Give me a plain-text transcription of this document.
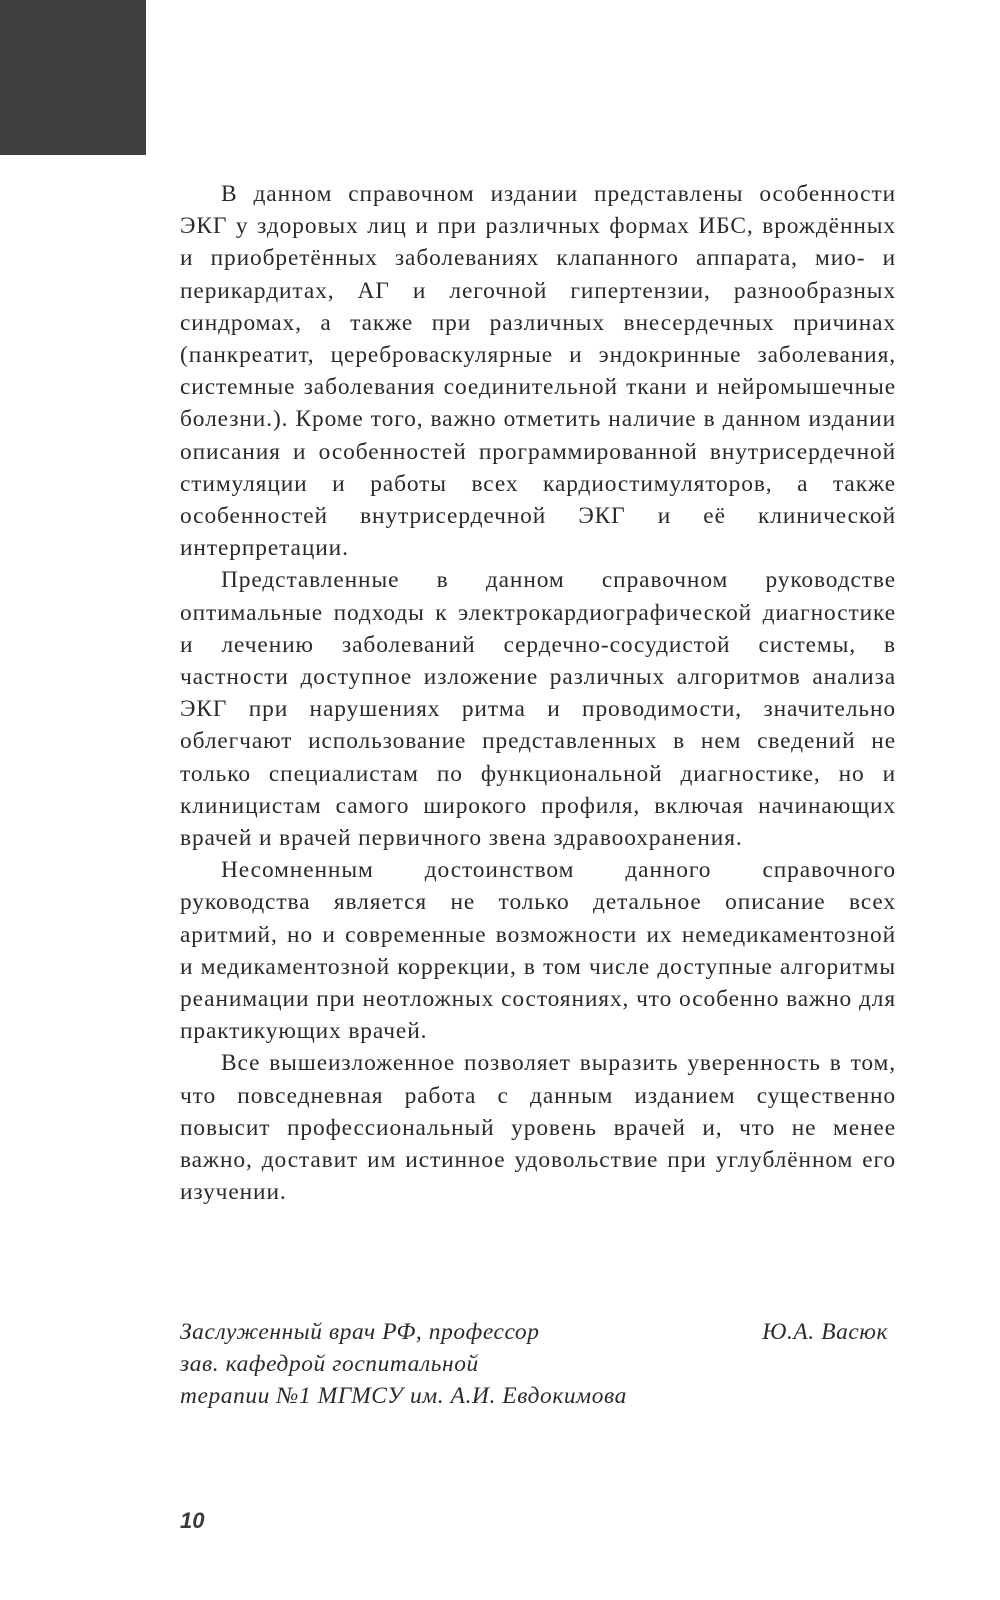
В данном справочном издании представлены особенности ЭКГ у здоровых лиц и при различных формах ИБС, врождённых и приобретённых заболеваниях клапанного аппарата, мио- и перикардитах, АГ и легочной гипертензии, разнообразных синдромах, а также при различных внесердечных причинах (панкреатит, цереброваскулярные и эндокринные заболевания, системные заболевания соединительной ткани и нейромышечные болезни.). Кроме того, важно отметить наличие в данном издании описания и особенностей программированной внутрисердечной стимуляции и работы всех кардиостимуляторов, а также особенностей внутрисердечной ЭКГ и её клинической интерпретации.

Представленные в данном справочном руководстве оптимальные подходы к электрокардиографической диагностике и лечению заболеваний сердечно-сосудистой системы, в частности доступное изложение различных алгоритмов анализа ЭКГ при нарушениях ритма и проводимости, значительно облегчают использование представленных в нем сведений не только специалистам по функциональной диагностике, но и клиницистам самого широкого профиля, включая начинающих врачей и врачей первичного звена здравоохранения.

Несомненным достоинством данного справочного руководства является не только детальное описание всех аритмий, но и современные возможности их немедикаментозной и медикаментозной коррекции, в том числе доступные алгоритмы реанимации при неотложных состояниях, что особенно важно для практикующих врачей.

Все вышеизложенное позволяет выразить уверенность в том, что повседневная работа с данным изданием существенно повысит профессиональный уровень врачей и, что не менее важно, доставит им истинное удовольствие при углублённом его изучении.

Заслуженный врач РФ, профессор
зав. кафедрой госпитальной
терапии №1 МГМСУ им. А.И. Евдокимова
Ю.А. Васюк
10
